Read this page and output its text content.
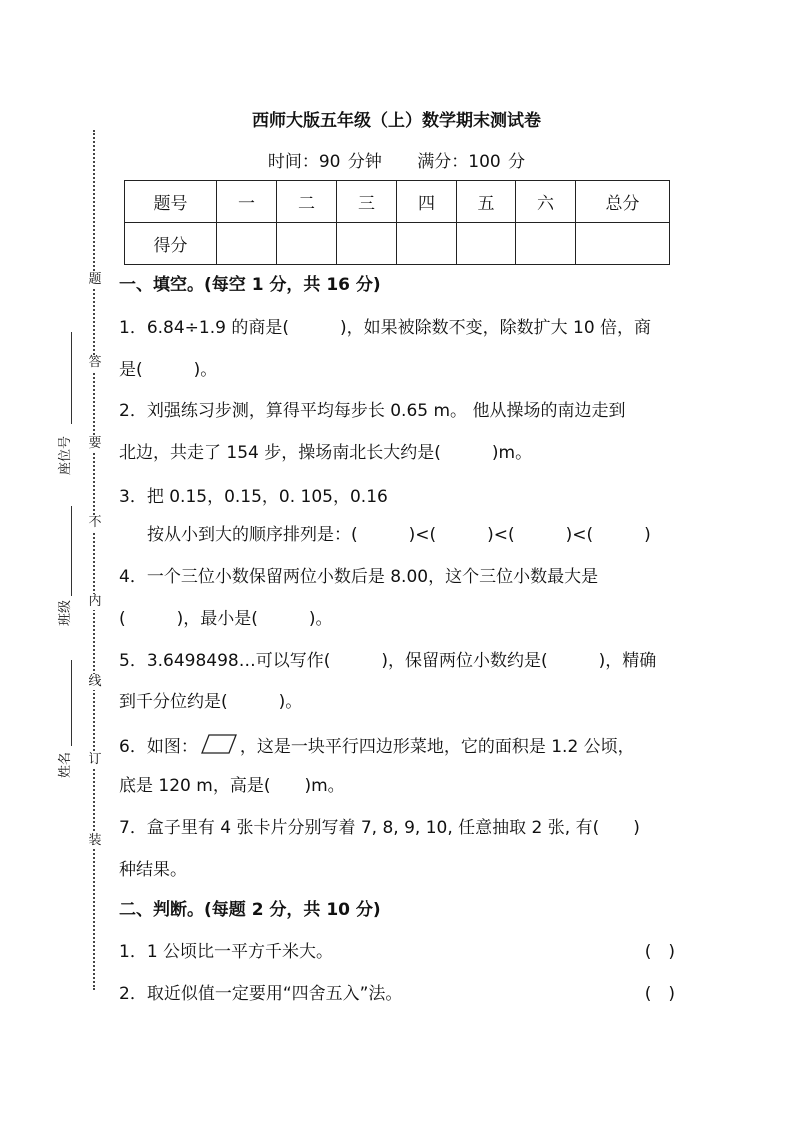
题
答
要
不
内
线
订
装
座位号
班级
姓名
西师大版五年级（上）数学期末测试卷
时间：90 分钟 满分：100 分
题号	一	二	三	四	五	六	总分
得分							
一、填空。(每空 1 分，共 16 分)
1．6.84÷1.9 的商是(　　　)，如果被除数不变，除数扩大 10 倍，商
是(　　　)。
2．刘强练习步测，算得平均每步长 0.65 m。 他从操场的南边走到
北边，共走了 154 步，操场南北长大约是(　　　)m。
3．把 0.15，0.15，0. 105，0.16
按从小到大的顺序排列是：(　　　)<(　　　)<(　　　)<(　　　)
4．一个三位小数保留两位小数后是 8.00，这个三位小数最大是
(　　　)，最小是(　　　)。
5．3.6498498…可以写作(　　　)，保留两位小数约是(　　　)，精确
到千分位约是(　　　)。
6．如图： ，这是一块平行四边形菜地，它的面积是 1.2 公顷，
底是 120 m，高是(　　)m。
7．盒子里有 4 张卡片分别写着 7, 8, 9, 10, 任意抽取 2 张, 有(　　)
种结果。
二、判断。(每题 2 分，共 10 分)
1．1 公顷比一平方千米大。	(　)
2．取近似值一定要用“四舍五入”法。	(　)
